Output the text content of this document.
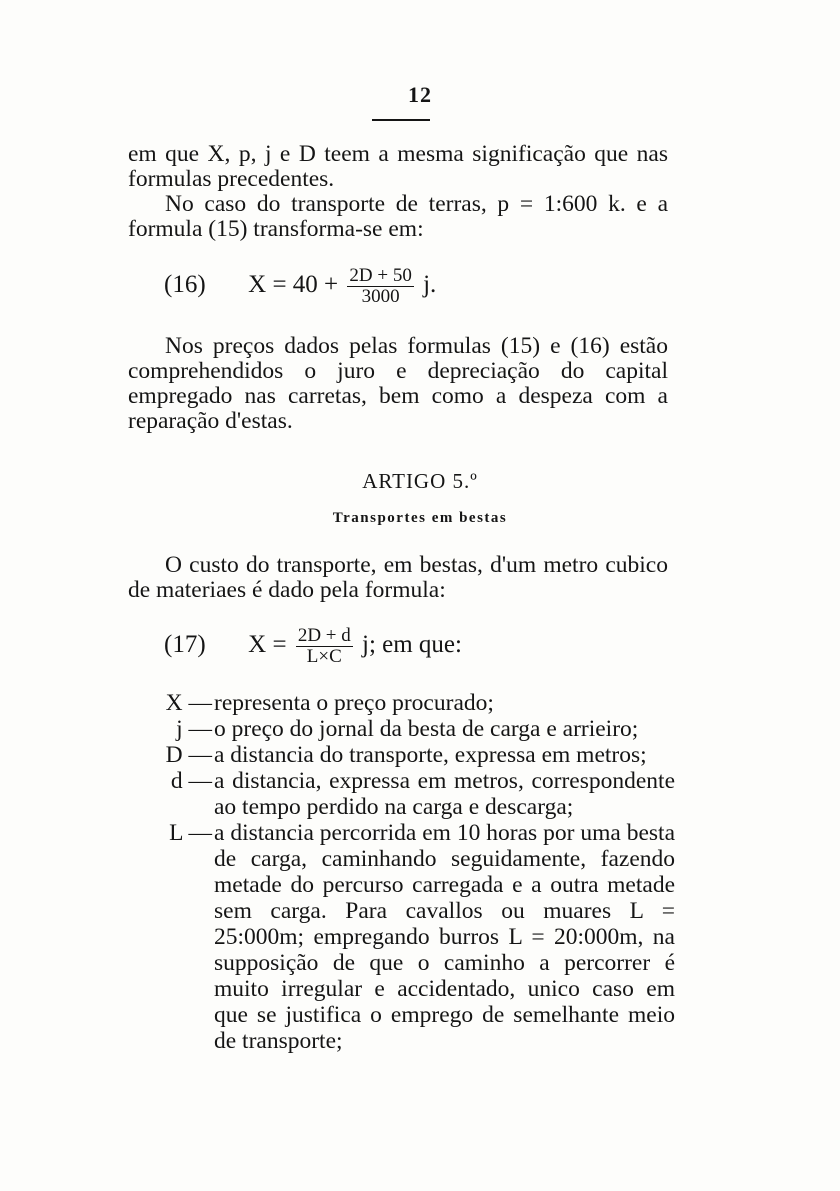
12

em que X, p, j e D teem a mesma significação que nas formulas precedentes.

No caso do transporte de terras, p = 1:600 k. e a formula (15) transforma-se em:

(16) $X = 40 + \frac{2D + 50}{3000} j$.

Nos preços dados pelas formulas (15) e (16) estão comprehendidos o juro e depreciação do capital empregado nas carretas, bem como a despeza com a reparação d'estas.

ARTIGO 5.º

Transportes em bestas

O custo do transporte, em bestas, d'um metro cubico de materiaes é dado pela formula:

(17) $X = \frac{2D + d}{L\times C} j$; em que:
X — representa o preço procurado;
j — o preço do jornal da besta de carga e arrieiro;
D — a distancia do transporte, expressa em metros;
d — a distancia, expressa em metros, correspondente ao tempo perdido na carga e descarga;
L — a distancia percorrida em 10 horas por uma besta de carga, caminhando seguidamente, fazendo metade do percurso carregada e a outra metade sem carga. Para cavallos ou muares L = 25:000m; empregando burros L = 20:000m, na supposição de que o caminho a percorrer é muito irregular e accidentado, unico caso em que se justifica o emprego de semelhante meio de transporte;
